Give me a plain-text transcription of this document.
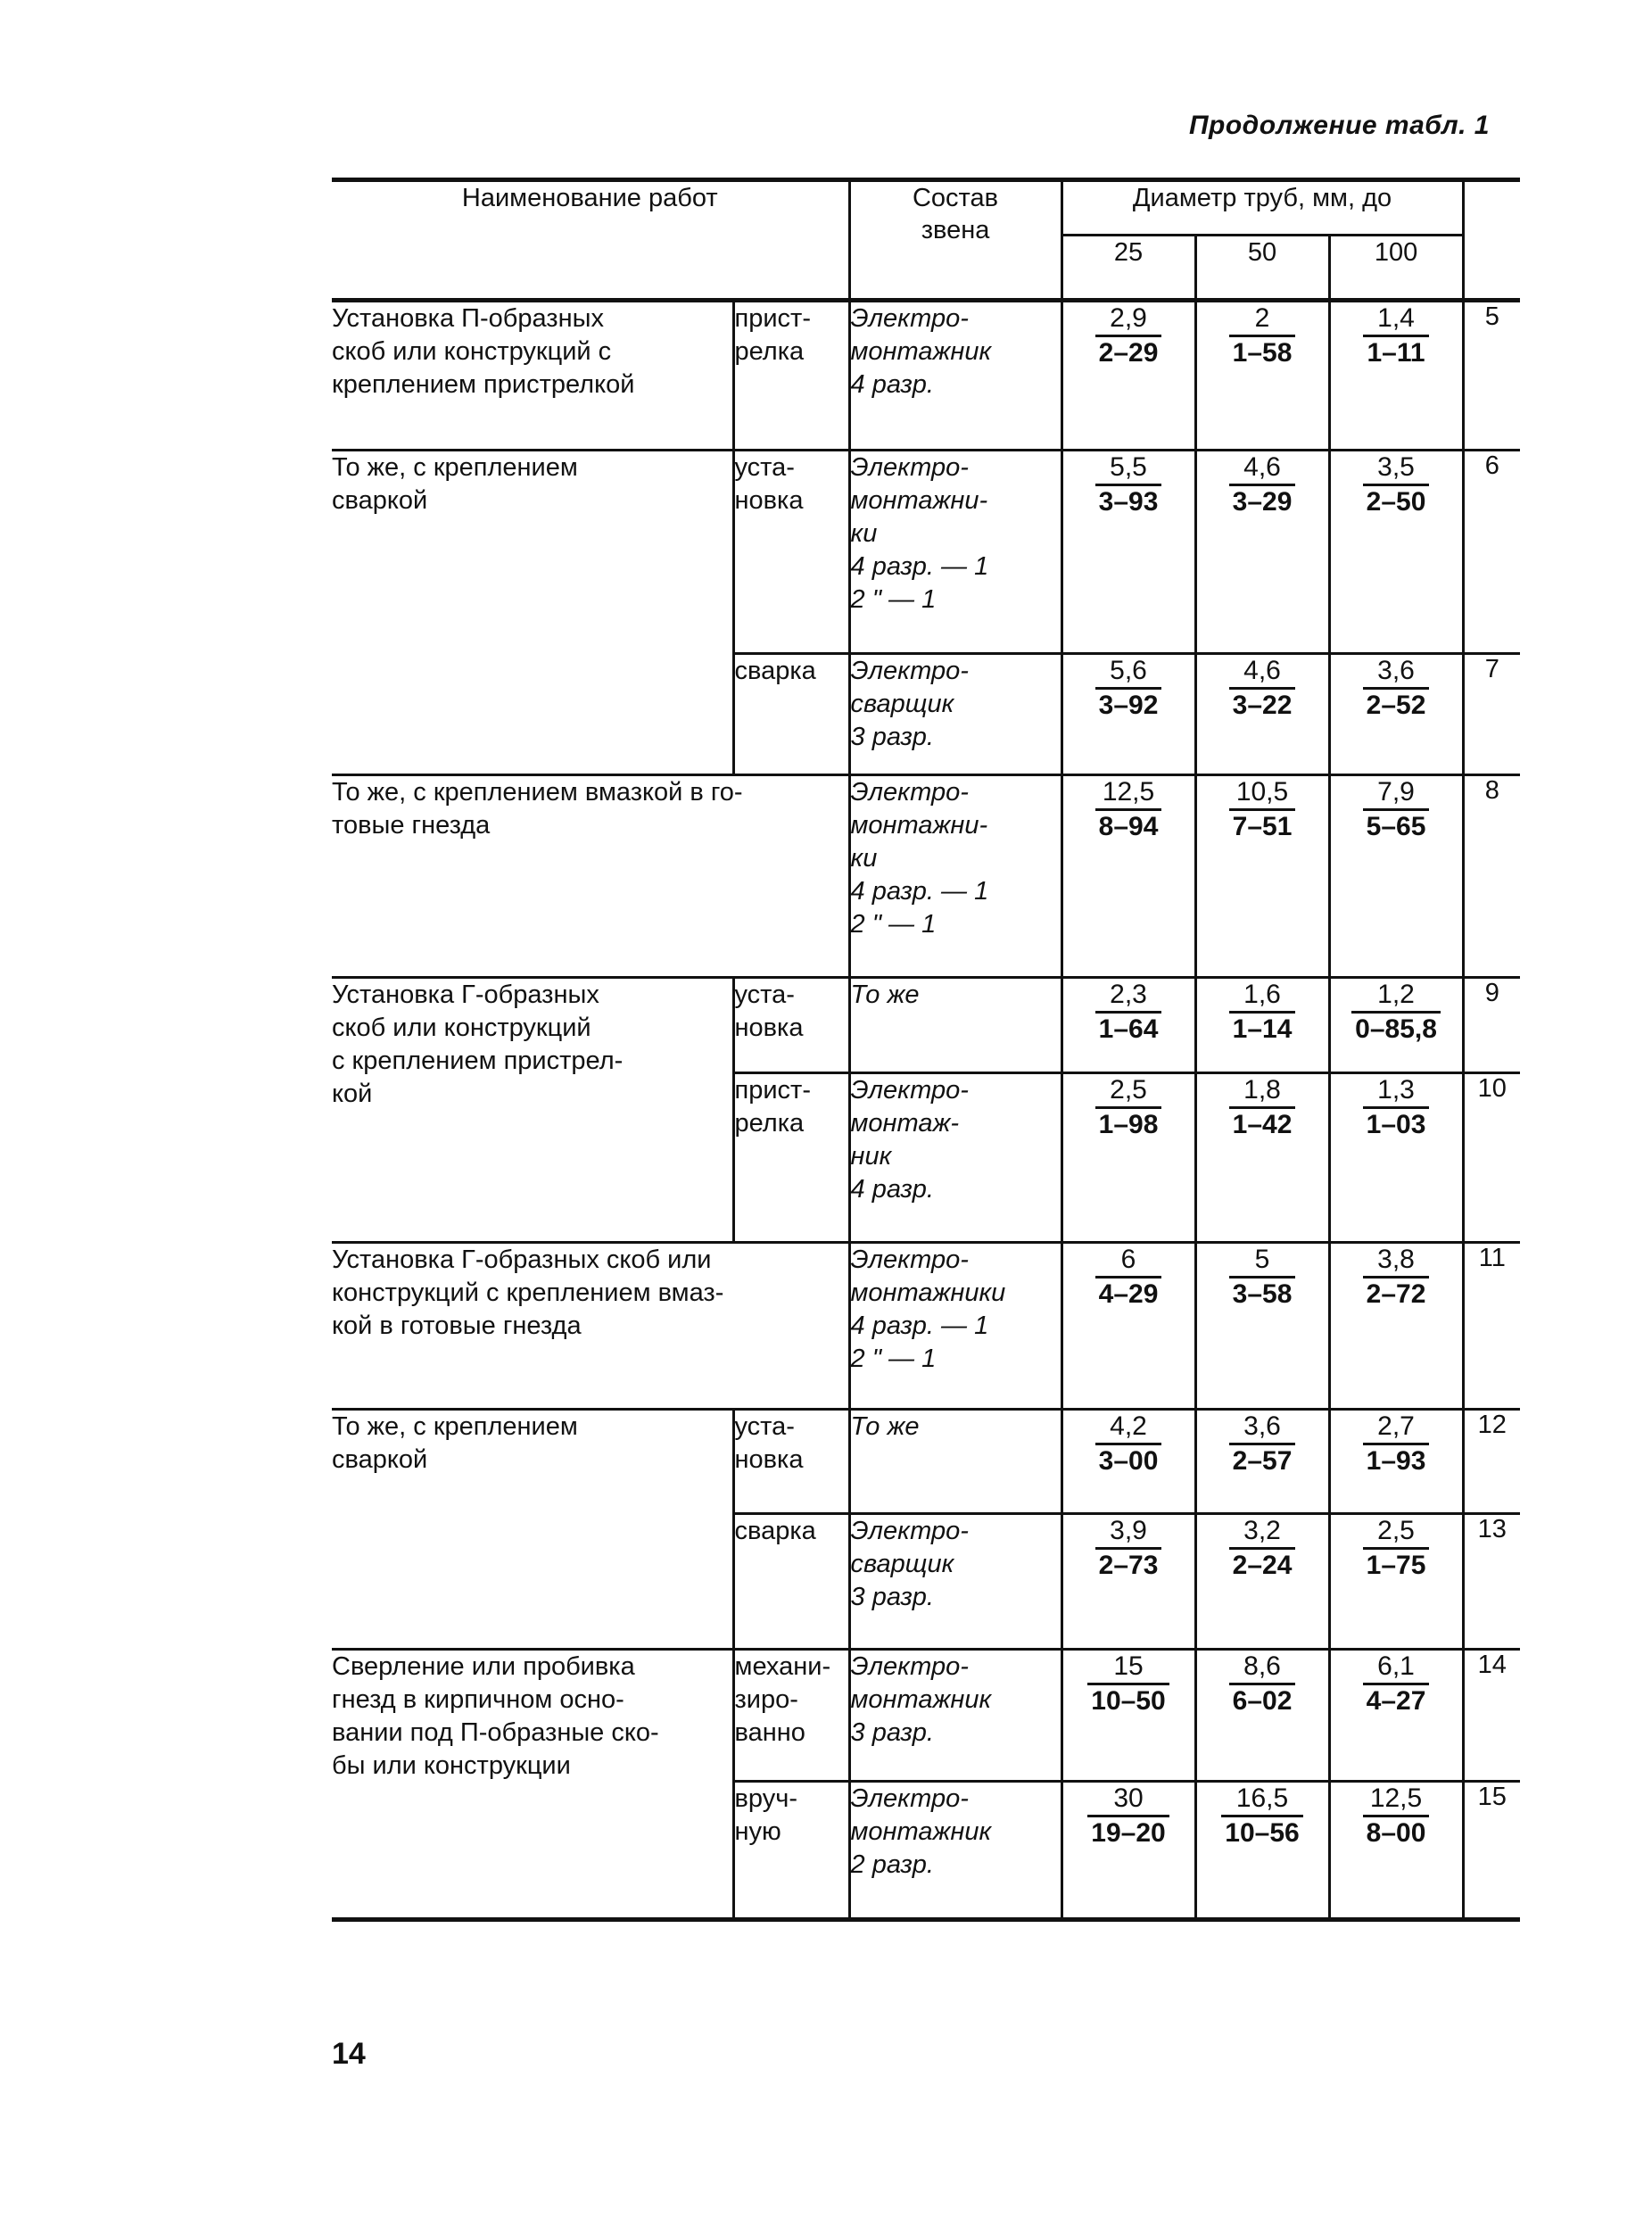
Продолжение табл. 1
Наименование работ		Состав
звена	Диаметр труб, мм, до			
			25	50	100	

Установка П-образных
скоб или конструкций с
креплением пристрелкой	прист-
релка	Электро-
монтажник
4 разр.	$\frac{2,9}{2-29}$	$\frac{2}{1-58}$	$\frac{1,4}{1-11}$	5

То же, с креплением
сваркой	уста-
новка	Электро-
монтажни-
ки
4 разр. — 1
2 " — 1	$\frac{5,5}{3-93}$	$\frac{4,6}{3-29}$	$\frac{3,5}{2-50}$	6

	сварка	Электро-
сварщик
3 разр.	$\frac{5,6}{3-92}$	$\frac{4,6}{3-22}$	$\frac{3,6}{2-52}$	7

То же, с креплением вмазкой в го-
товые гнезда		Электро-
монтажни-
ки
4 разр. — 1
2 " — 1	$\frac{12,5}{8-94}$	$\frac{10,5}{7-51}$	$\frac{7,9}{5-65}$	8

Установка Г-образных
скоб или конструкций
с креплением пристрел-
кой	уста-
новка	То же	$\frac{2,3}{1-64}$	$\frac{1,6}{1-14}$	$\frac{1,2}{0-85,8}$	9

	прист-
релка	Электро-
монтаж-
ник
4 разр.	$\frac{2,5}{1-98}$	$\frac{1,8}{1-42}$	$\frac{1,3}{1-03}$	10

Установка Г-образных скоб или
конструкций с креплением вмаз-
кой в готовые гнезда		Электро-
монтажники
4 разр. — 1
2 " — 1	$\frac{6}{4-29}$	$\frac{5}{3-58}$	$\frac{3,8}{2-72}$	11

То же, с креплением
сваркой	уста-
новка	То же	$\frac{4,2}{3-00}$	$\frac{3,6}{2-57}$	$\frac{2,7}{1-93}$	12

	сварка	Электро-
сварщик
3 разр.	$\frac{3,9}{2-73}$	$\frac{3,2}{2-24}$	$\frac{2,5}{1-75}$	13

Сверление или пробивка
гнезд в кирпичном осно-
вании под П-образные ско-
бы или конструкции	механи-
зиро-
ванно	Электро-
монтажник
3 разр.	$\frac{15}{10-50}$	$\frac{8,6}{6-02}$	$\frac{6,1}{4-27}$	14

	вруч-
ную	Электро-
монтажник
2 разр.	$\frac{30}{19-20}$	$\frac{16,5}{10-56}$	$\frac{12,5}{8-00}$	15
14
